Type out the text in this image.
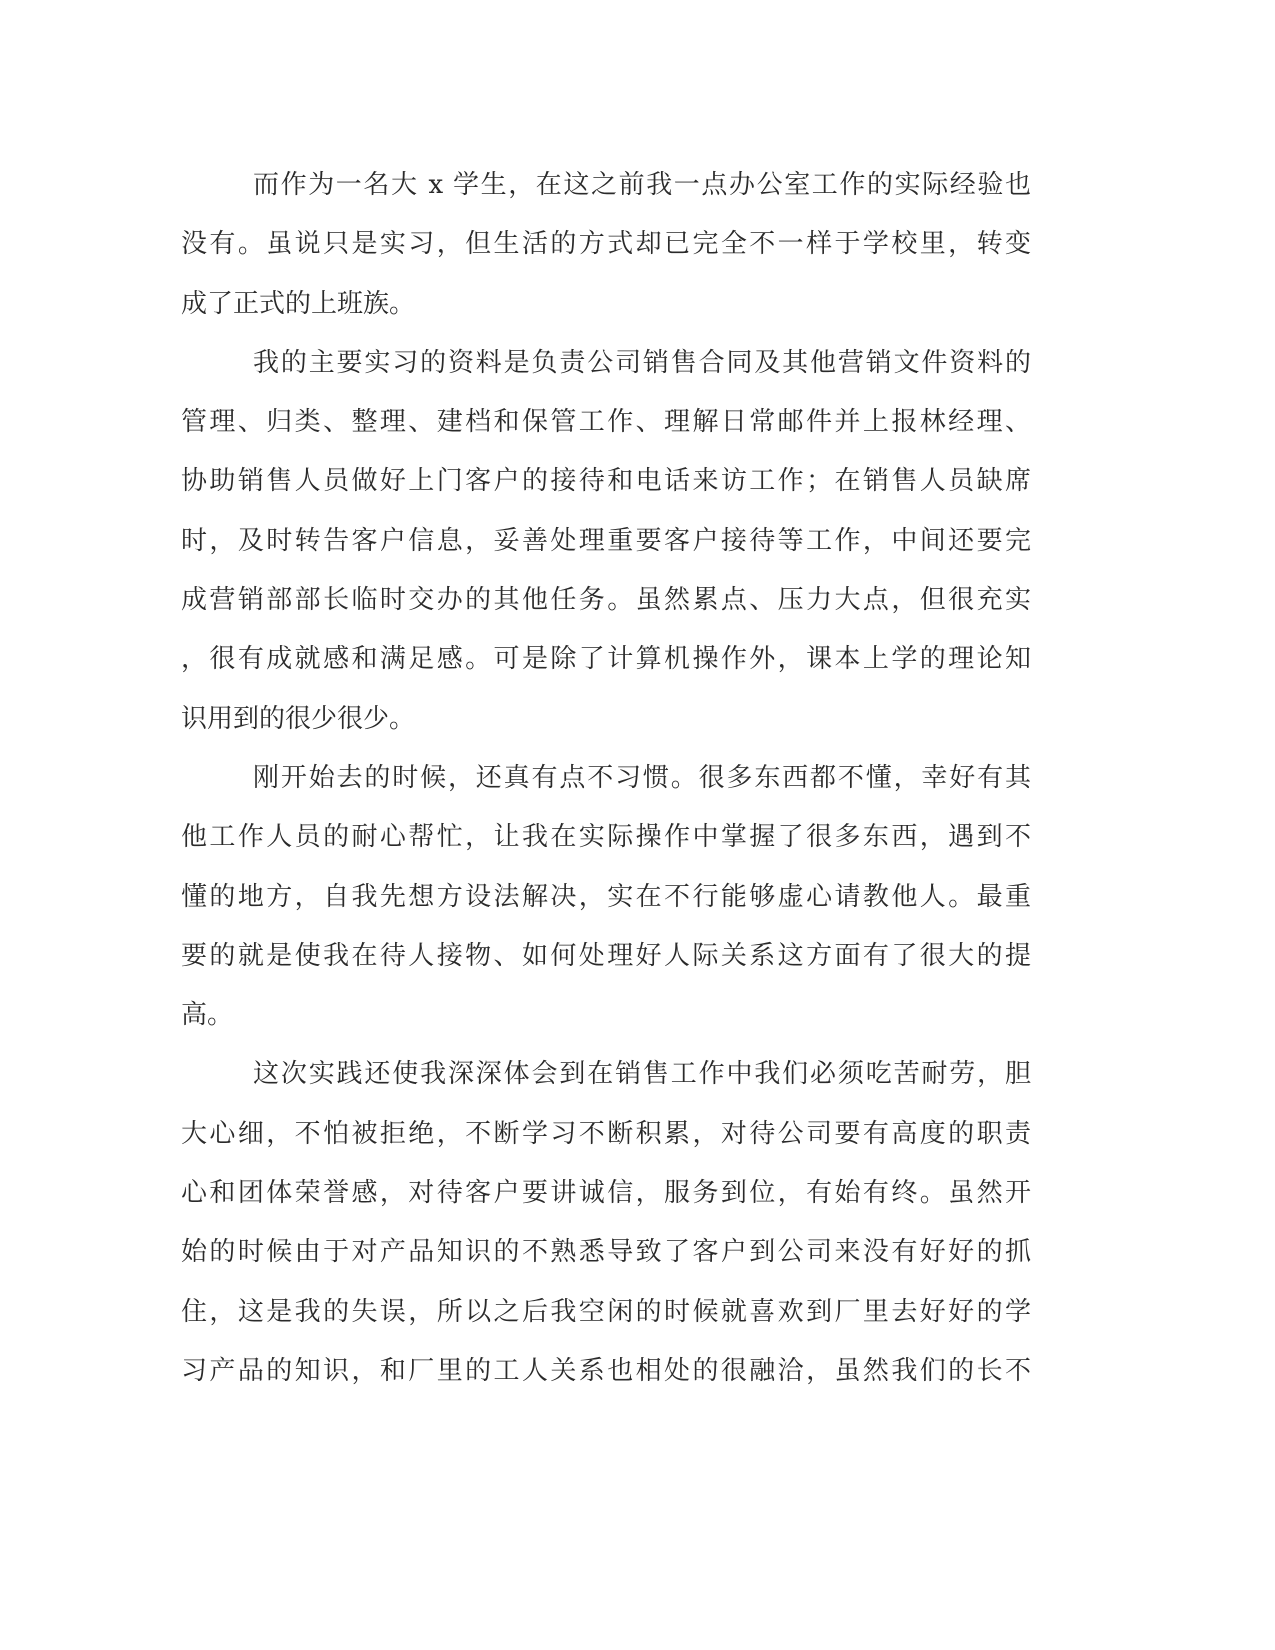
而作为一名大 x 学生，在这之前我一点办公室工作的实际经验也
没有。虽说只是实习，但生活的方式却已完全不一样于学校里，转变
成了正式的上班族。
我的主要实习的资料是负责公司销售合同及其他营销文件资料的
管理、归类、整理、建档和保管工作、理解日常邮件并上报林经理、
协助销售人员做好上门客户的接待和电话来访工作；在销售人员缺席
时，及时转告客户信息，妥善处理重要客户接待等工作，中间还要完
成营销部部长临时交办的其他任务。虽然累点、压力大点，但很充实
，很有成就感和满足感。可是除了计算机操作外，课本上学的理论知
识用到的很少很少。
刚开始去的时候，还真有点不习惯。很多东西都不懂，幸好有其
他工作人员的耐心帮忙，让我在实际操作中掌握了很多东西，遇到不
懂的地方，自我先想方设法解决，实在不行能够虚心请教他人。最重
要的就是使我在待人接物、如何处理好人际关系这方面有了很大的提
高。
这次实践还使我深深体会到在销售工作中我们必须吃苦耐劳，胆
大心细，不怕被拒绝，不断学习不断积累，对待公司要有高度的职责
心和团体荣誉感，对待客户要讲诚信，服务到位，有始有终。虽然开
始的时候由于对产品知识的不熟悉导致了客户到公司来没有好好的抓
住，这是我的失误，所以之后我空闲的时候就喜欢到厂里去好好的学
习产品的知识，和厂里的工人关系也相处的很融洽，虽然我们的长不
